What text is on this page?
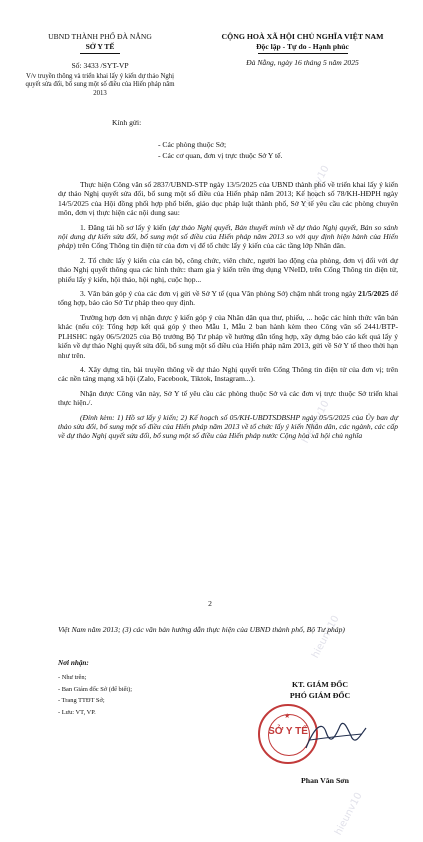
hieunv10
hieunv10
hieunv10
hieunv10
UBND THÀNH PHỐ ĐÀ NẴNG
SỞ Y TẾ
Số: 3433 /SYT-VP
V/v truyền thông và triển khai lấy ý kiến dự thảo Nghị quyết sửa đổi, bổ sung một số điều của Hiến pháp năm 2013
CỘNG HOÀ XÃ HỘI CHỦ NGHĨA VIỆT NAM
Độc lập - Tự do - Hạnh phúc
Đà Nẵng, ngày 16 tháng 5 năm 2025
Kính gửi:
- Các phòng thuộc Sở;
- Các cơ quan, đơn vị trực thuộc Sở Y tế.
Thực hiện Công văn số 2837/UBND-STP ngày 13/5/2025 của UBND thành phố về triển khai lấy ý kiến dự thảo Nghị quyết sửa đổi, bổ sung một số điều của Hiến pháp năm 2013; Kế hoạch số 78/KH-HĐPH ngày 14/5/2025 của Hội đồng phối hợp phổ biến, giáo dục pháp luật thành phố, Sở Y tế yêu cầu các phòng chuyên môn, đơn vị thực hiện các nội dung sau:
1. Đăng tải hồ sơ lấy ý kiến (dự thảo Nghị quyết, Bản thuyết minh về dự thảo Nghị quyết, Bản so sánh nội dung dự kiến sửa đổi, bổ sung một số điều của Hiến pháp năm 2013 so với quy định hiện hành của Hiến pháp) trên Cổng Thông tin điện tử của đơn vị để tổ chức lấy ý kiến của các tầng lớp Nhân dân.
2. Tổ chức lấy ý kiến của cán bộ, công chức, viên chức, người lao động của phòng, đơn vị đối với dự thảo Nghị quyết thông qua các hình thức: tham gia ý kiến trên ứng dụng VNeID, trên Cổng Thông tin điện tử, phiếu lấy ý kiến, hội thảo, hội nghị, cuộc họp...
3. Văn bản góp ý của các đơn vị gửi về Sở Y tế (qua Văn phòng Sở) chậm nhất trong ngày 21/5/2025 để tổng hợp, báo cáo Sở Tư pháp theo quy định.
Trường hợp đơn vị nhận được ý kiến góp ý của Nhân dân qua thư, phiếu, ... hoặc các hình thức văn bản khác (nếu có): Tổng hợp kết quả góp ý theo Mẫu 1, Mẫu 2 ban hành kèm theo Công văn số 2441/BTP-PLHSHC ngày 06/5/2025 của Bộ trưởng Bộ Tư pháp về hướng dẫn tổng hợp, xây dựng báo cáo kết quả lấy ý kiến về dự thảo Nghị quyết sửa đổi, bổ sung một số điều của Hiến pháp năm 2013, gửi về Sở Y tế theo thời hạn như trên.
4. Xây dựng tin, bài truyền thông về dự thảo Nghị quyết trên Cổng Thông tin điện tử của đơn vị; trên các nền tảng mạng xã hội (Zalo, Facebook, Tiktok, Instagram...).
Nhận được Công văn này, Sở Y tế yêu cầu các phòng thuộc Sở và các đơn vị trực thuộc Sở triển khai thực hiện./.
(Đính kèm: 1) Hồ sơ lấy ý kiến; 2) Kế hoạch số 05/KH-UBDTSDBSHP ngày 05/5/2025 của Ủy ban dự thảo sửa đổi, bổ sung một số điều của Hiến pháp năm 2013 về tổ chức lấy ý kiến Nhân dân, các ngành, các cấp về dự thảo Nghị quyết sửa đổi, bổ sung một số điều của Hiến pháp nước Cộng hòa xã hội chủ nghĩa
2
Việt Nam năm 2013; (3) các văn bản hướng dẫn thực hiện của UBND thành phố, Bộ Tư pháp)
Nơi nhận:
- Như trên;
- Ban Giám đốc Sở (để biết);
- Trang TTĐT Sở;
- Lưu: VT, VP.
KT. GIÁM ĐỐC
PHÓ GIÁM ĐỐC
★
SỞ Y TẾ
Phan Văn Sơn
